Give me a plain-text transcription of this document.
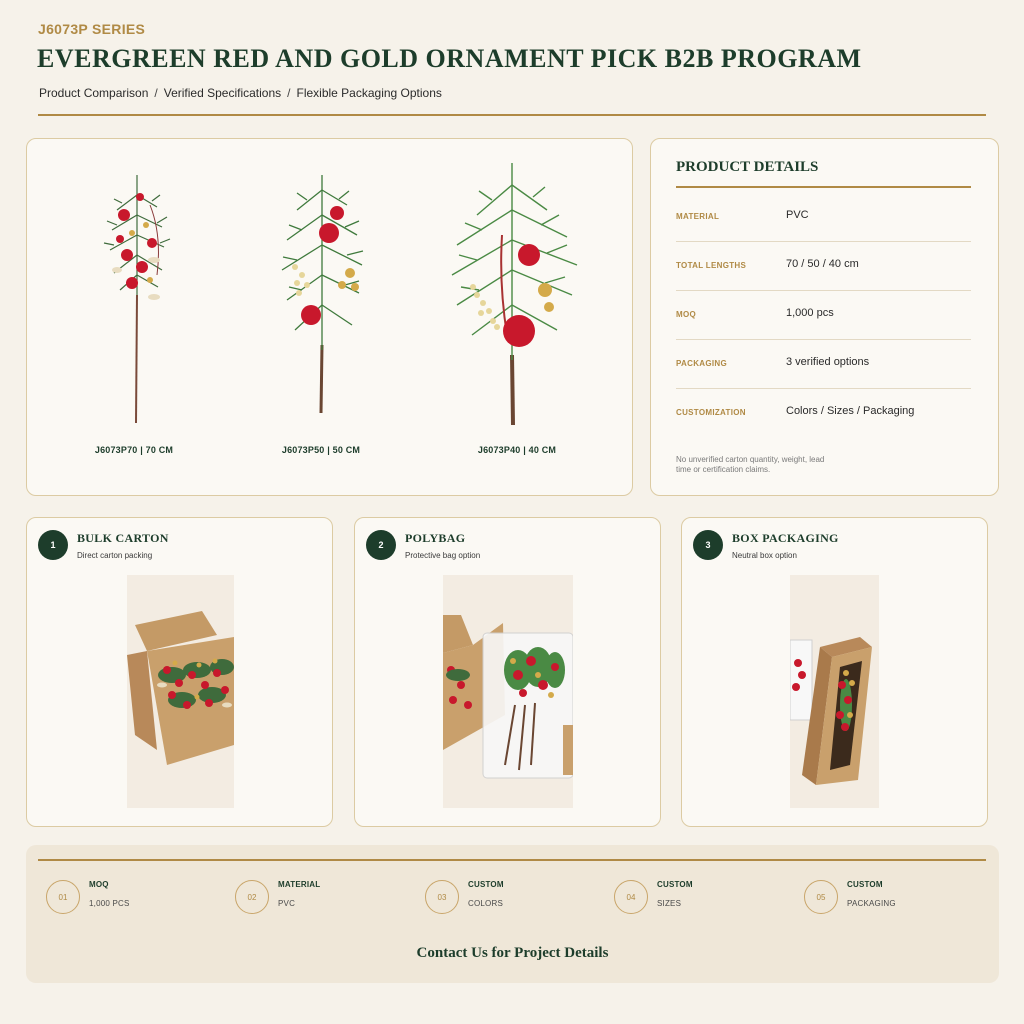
J6073P SERIES
EVERGREEN RED AND GOLD ORNAMENT PICK B2B PROGRAM
Product Comparison / Verified Specifications / Flexible Packaging Options
J6073P70 | 70 CM	J6073P50 | 50 CM	J6073P40 | 40 CM
PRODUCT DETAILS
MATERIAL	PVC
TOTAL LENGTHS	70 / 50 / 40 cm
MOQ	1,000 pcs
PACKAGING	3 verified options
CUSTOMIZATION	Colors / Sizes / Packaging
No unverified carton quantity, weight, lead time or certification claims.
1	BULK CARTON
Direct carton packing
2	POLYBAG
Protective bag option
3	BOX PACKAGING
Neutral box option
01
MOQ
1,000 PCS
02
MATERIAL
PVC
03
CUSTOM
COLORS
04
CUSTOM
SIZES
05
CUSTOM
PACKAGING
Contact Us for Project Details
